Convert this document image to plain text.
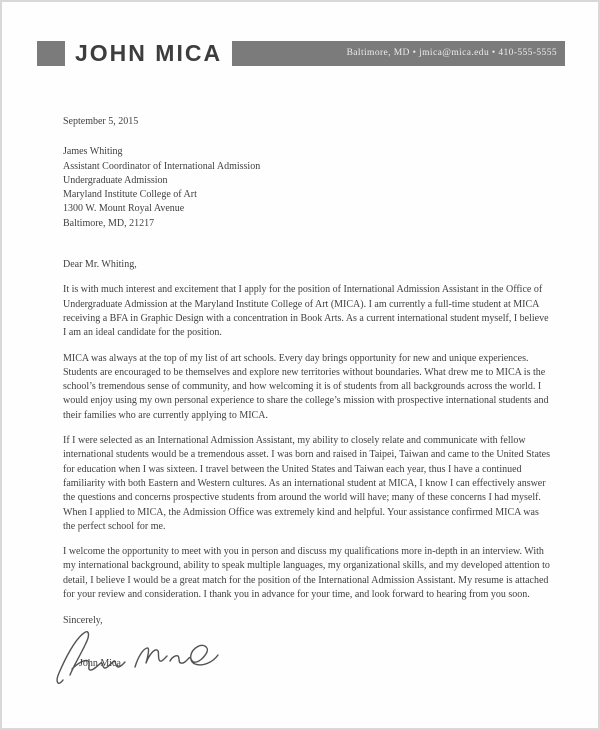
JOHN MICA	Baltimore, MD • jmica@mica.edu • 410-555-5555

September 5, 2015

James Whiting
Assistant Coordinator of International Admission
Undergraduate Admission
Maryland Institute College of Art
1300 W. Mount Royal Avenue
Baltimore, MD, 21217

Dear Mr. Whiting,

It is with much interest and excitement that I apply for the position of International Admission Assistant in the Office of Undergraduate Admission at the Maryland Institute College of Art (MICA). I am currently a full-time student at MICA receiving a BFA in Graphic Design with a concentration in Book Arts. As a current international student myself, I believe I am an ideal candidate for the position.

MICA was always at the top of my list of art schools. Every day brings opportunity for new and unique experiences. Students are encouraged to be themselves and explore new territories without boundaries. What drew me to MICA is the school’s tremendous sense of community, and how welcoming it is of students from all backgrounds across the world. I would enjoy using my own personal experience to share the college’s mission with prospective international students and their families who are currently applying to MICA.

If I were selected as an International Admission Assistant, my ability to closely relate and communicate with fellow international students would be a tremendous asset. I was born and raised in Taipei, Taiwan and came to the United States for education when I was sixteen. I travel between the United States and Taiwan each year, thus I have a continued familiarity with both Eastern and Western cultures. As an international student at MICA, I know I can effectively answer the questions and concerns prospective students from around the world will have; many of these concerns I had myself. When I applied to MICA, the Admission Office was extremely kind and helpful. Your assistance confirmed MICA was the perfect school for me.

I welcome the opportunity to meet with you in person and discuss my qualifications more in-depth in an interview. With my international background, ability to speak multiple languages, my organizational skills, and my developed attention to detail, I believe I would be a great match for the position of the International Admission Assistant. My resume is attached for your review and consideration. I thank you in advance for your time, and look forward to hearing from you soon.

Sincerely,

John Mica
